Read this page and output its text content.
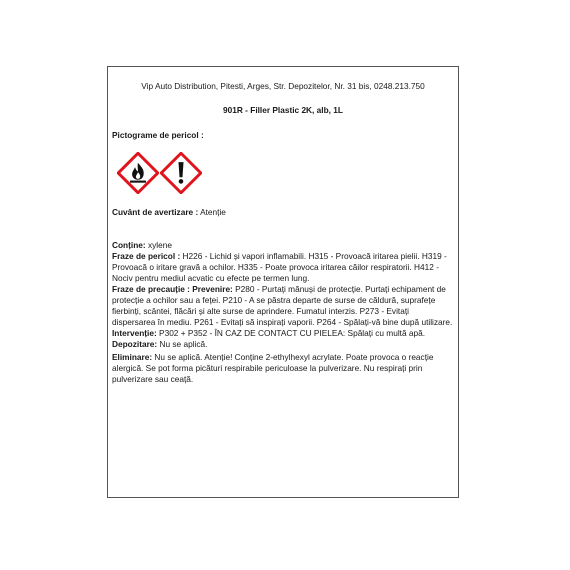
Vip Auto Distribution, Pitesti, Arges, Str. Depozitelor, Nr. 31 bis, 0248.213.750

901R - Filler Plastic 2K, alb, 1L

Pictograme de pericol :

Cuvânt de avertizare : Atenție

Conține: xylene

Fraze de pericol : H226 - Lichid și vapori inflamabili. H315 - Provoacă iritarea pielii. H319 - Provoacă o iritare gravă a ochilor. H335 - Poate provoca iritarea căilor respiratorii. H412 - Nociv pentru mediul acvatic cu efecte pe termen lung.

Fraze de precauție : Prevenire: P280 - Purtați mănuși de protecție. Purtați echipament de protecție a ochilor sau a feței. P210 - A se păstra departe de surse de căldură, suprafețe fierbinți, scântei, flăcări și alte surse de aprindere. Fumatul interzis. P273 - Evitați dispersarea în mediu. P261 - Evitați să inspirați vaporii. P264 - Spălați-vă bine după utilizare.

Intervenție: P302 + P352 - ÎN CAZ DE CONTACT CU PIELEA: Spălați cu multă apă.

Depozitare: Nu se aplică.

Eliminare: Nu se aplică. Atenție! Conține 2-ethylhexyl acrylate. Poate provoca o reacție alergică. Se pot forma picături respirabile periculoase la pulverizare. Nu respirați prin pulverizare sau ceață.
